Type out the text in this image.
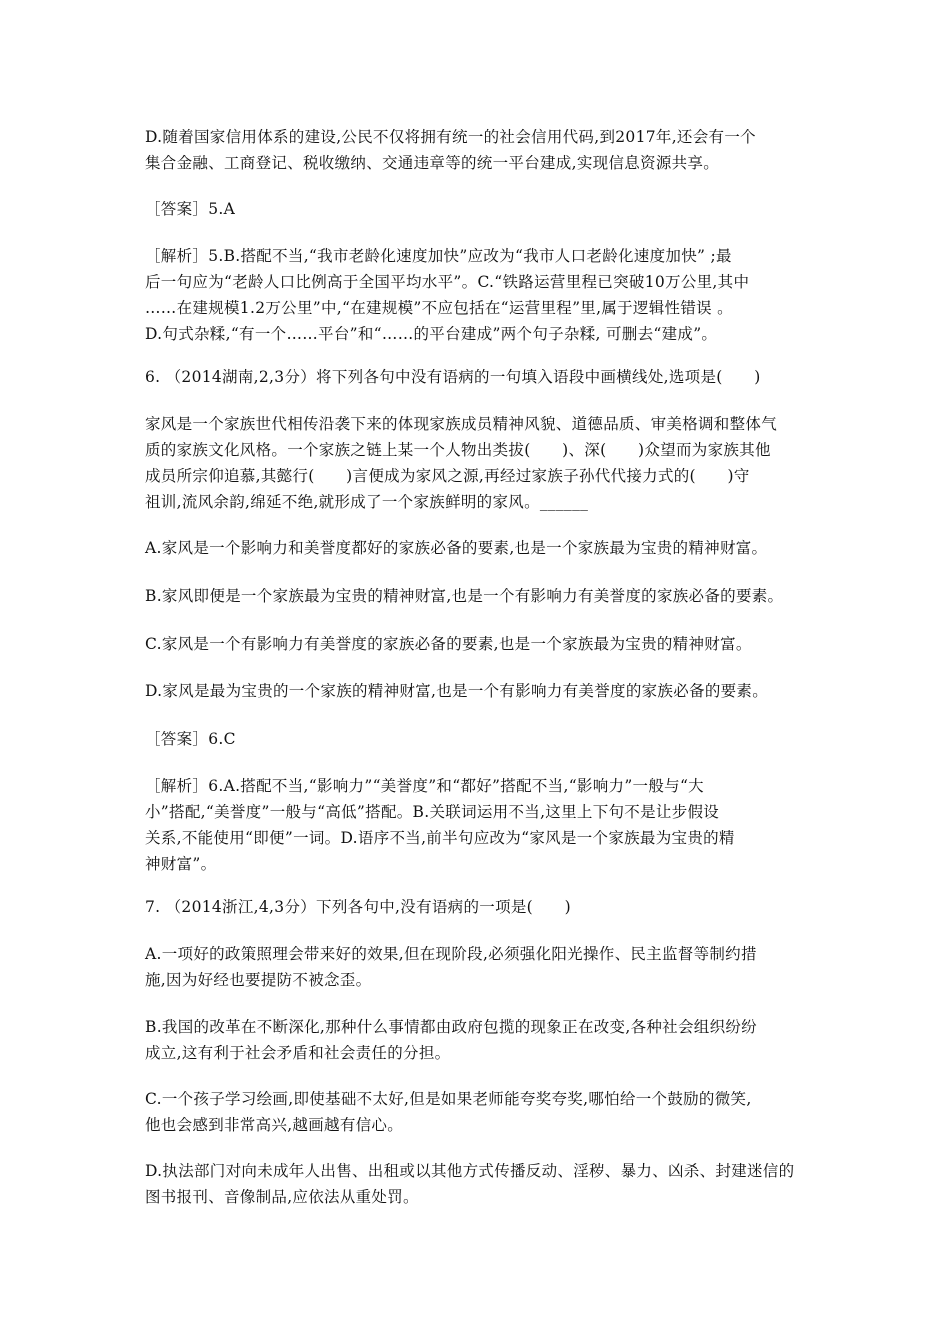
D.随着国家信用体系的建设,公民不仅将拥有统一的社会信用代码,到2017年,还会有一个
集合金融、工商登记、税收缴纳、交通违章等的统一平台建成,实现信息资源共享。

［答案］5.A

［解析］5.B.搭配不当,“我市老龄化速度加快”应改为“我市人口老龄化速度加快” ;最
后一句应为“老龄人口比例高于全国平均水平”。C.“铁路运营里程已突破10万公里,其中
……在建规模1.2万公里”中,“在建规模”不应包括在“运营里程”里,属于逻辑性错误 。
D.句式杂糅,“有一个……平台”和“……的平台建成”两个句子杂糅, 可删去“建成”。

6. （2014湖南,2,3分）将下列各句中没有语病的一句填入语段中画横线处,选项是(　　)

家风是一个家族世代相传沿袭下来的体现家族成员精神风貌、道德品质、审美格调和整体气
质的家族文化风格。一个家族之链上某一个人物出类拔(　　)、深(　　)众望而为家族其他
成员所宗仰追慕,其懿行(　　)言便成为家风之源,再经过家族子孙代代接力式的(　　)守
祖训,流风余韵,绵延不绝,就形成了一个家族鲜明的家风。______

A.家风是一个影响力和美誉度都好的家族必备的要素,也是一个家族最为宝贵的精神财富。

B.家风即便是一个家族最为宝贵的精神财富,也是一个有影响力有美誉度的家族必备的要素。

C.家风是一个有影响力有美誉度的家族必备的要素,也是一个家族最为宝贵的精神财富。

D.家风是最为宝贵的一个家族的精神财富,也是一个有影响力有美誉度的家族必备的要素。

［答案］6.C

［解析］6.A.搭配不当,“影响力”“美誉度”和“都好”搭配不当,“影响力”一般与“大
小”搭配,“美誉度”一般与“高低”搭配。B.关联词运用不当,这里上下句不是让步假设
关系,不能使用“即便”一词。D.语序不当,前半句应改为“家风是一个家族最为宝贵的精
神财富”。

7. （2014浙江,4,3分）下列各句中,没有语病的一项是(　　)

A.一项好的政策照理会带来好的效果,但在现阶段,必须强化阳光操作、民主监督等制约措
施,因为好经也要提防不被念歪。

B.我国的改革在不断深化,那种什么事情都由政府包揽的现象正在改变,各种社会组织纷纷
成立,这有利于社会矛盾和社会责任的分担。

C.一个孩子学习绘画,即使基础不太好,但是如果老师能夸奖夸奖,哪怕给一个鼓励的微笑,
他也会感到非常高兴,越画越有信心。

D.执法部门对向未成年人出售、出租或以其他方式传播反动、淫秽、暴力、凶杀、封建迷信的
图书报刊、音像制品,应依法从重处罚。
